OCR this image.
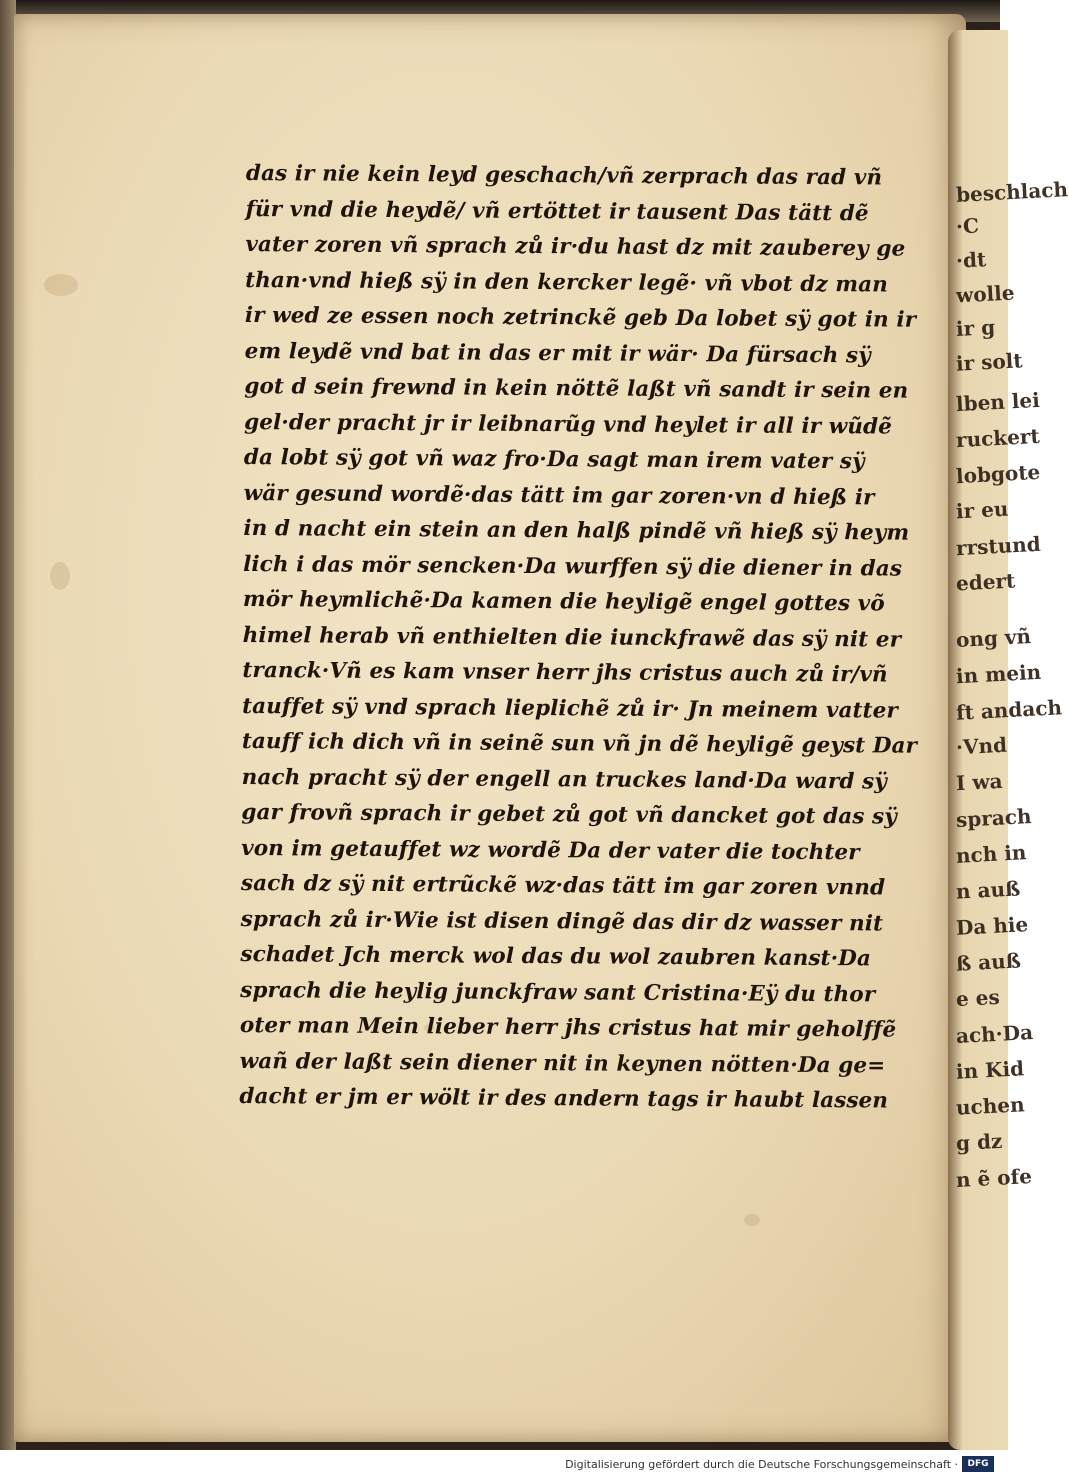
das ir nie kein leyd geschach/vñ zerprach das rad vñ
für vnd die heydẽ/ vñ ertöttet ir tausent Das tätt dẽ
vater zoren vñ sprach zů ir·du hast dz mit zauberey ge
than·vnd hieß sÿ in den kercker legẽ· vñ vbot dz man
ir wed ze essen noch zetrinckẽ geb Da lobet sÿ got in ir
em leydẽ vnd bat in das er mit ir wär· Da fürsach sÿ
got d sein frewnd in kein nöttẽ laßt vñ sandt ir sein en
gel·der pracht jr ir leibnarũg vnd heylet ir all ir wũdẽ
da lobt sÿ got vñ waz fro·Da sagt man irem vater sÿ
wär gesund wordẽ·das tätt im gar zoren·vn d hieß ir
in d nacht ein stein an den halß pindẽ vñ hieß sÿ heym
lich i das mör sencken·Da wurffen sÿ die diener in das
mör heymlichẽ·Da kamen die heyligẽ engel gottes võ
himel herab vñ enthielten die iunckfrawẽ das sÿ nit er
tranck·Vñ es kam vnser herr jhs cristus auch zů ir/vñ
tauffet sÿ vnd sprach lieplichẽ zů ir· Jn meinem vatter
tauff ich dich vñ in seinẽ sun vñ jn dẽ heyligẽ geyst Dar
nach pracht sÿ der engell an truckes land·Da ward sÿ
gar frovñ sprach ir gebet zů got vñ dancket got das sÿ
von im getauffet wz wordẽ Da der vater die tochter
sach dz sÿ nit ertrũckẽ wz·das tätt im gar zoren vnnd
sprach zů ir·Wie ist disen dingẽ das dir dz wasser nit
schadet Jch merck wol das du wol zaubren kanst·Da
sprach die heylig junckfraw sant Cristina·Eÿ du thor
oter man Mein lieber herr jhs cristus hat mir geholffẽ
wañ der laßt sein diener nit in keynen nötten·Da ge=
dacht er jm er wölt ir des andern tags ir haubt lassen
beschlach
·C
·dt
wolle
ir g
ir solt
lben lei
ruckert
lobgote
ir eu
rrstund
edert
ong vñ
in mein
ft andach
·Vnd
I wa
sprach
nch in
n auß
Da hie
ß auß
e es
ach·Da
in Kid
uchen
g dz
n ẽ ofe
Digitalisierung gefördert durch die Deutsche Forschungsgemeinschaft ·	DFG
